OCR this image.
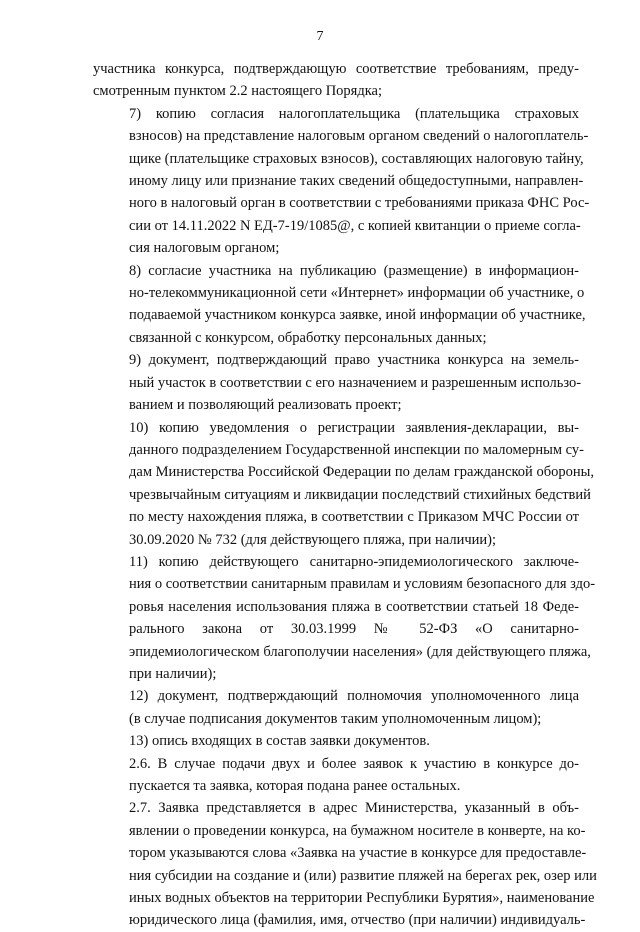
7

участника конкурса, подтверждающую соответствие требованиям, преду-
смотренным пунктом 2.2 настоящего Порядка;

7) копию согласия налогоплательщика (плательщика страховых
взносов) на представление налоговым органом сведений о налогоплатель-
щике (плательщике страховых взносов), составляющих налоговую тайну,
иному лицу или признание таких сведений общедоступными, направлен-
ного в налоговый орган в соответствии с требованиями приказа ФНС Рос-
сии от 14.11.2022 N ЕД-7-19/1085@, с копией квитанции о приеме согла-
сия налоговым органом;

8) согласие участника на публикацию (размещение) в информацион-
но-телекоммуникационной сети «Интернет» информации об участнике, о
подаваемой участником конкурса заявке, иной информации об участнике,
связанной с конкурсом, обработку персональных данных;

9) документ, подтверждающий право участника конкурса на земель-
ный участок в соответствии с его назначением и разрешенным использо-
ванием и позволяющий реализовать проект;

10) копию уведомления о регистрации заявления-декларации, вы-
данного подразделением Государственной инспекции по маломерным су-
дам Министерства Российской Федерации по делам гражданской обороны,
чрезвычайным ситуациям и ликвидации последствий стихийных бедствий
по месту нахождения пляжа, в соответствии с Приказом МЧС России от
30.09.2020 № 732 (для действующего пляжа, при наличии);

11) копию действующего санитарно-эпидемиологического заключе-
ния о соответствии санитарным правилам и условиям безопасного для здо-
ровья населения использования пляжа в соответствии статьей 18 Феде-
рального закона от 30.03.1999 № 52-ФЗ «О санитарно-
эпидемиологическом благополучии населения» (для действующего пляжа,
при наличии);

12) документ, подтверждающий полномочия уполномоченного лица
(в случае подписания документов таким уполномоченным лицом);

13) опись входящих в состав заявки документов.

2.6. В случае подачи двух и более заявок к участию в конкурсе до-
пускается та заявка, которая подана ранее остальных.

2.7. Заявка представляется в адрес Министерства, указанный в объ-
явлении о проведении конкурса, на бумажном носителе в конверте, на ко-
тором указываются слова «Заявка на участие в конкурсе для предоставле-
ния субсидии на создание и (или) развитие пляжей на берегах рек, озер или
иных водных объектов на территории Республики Бурятия», наименование
юридического лица (фамилия, имя, отчество (при наличии) индивидуаль-
